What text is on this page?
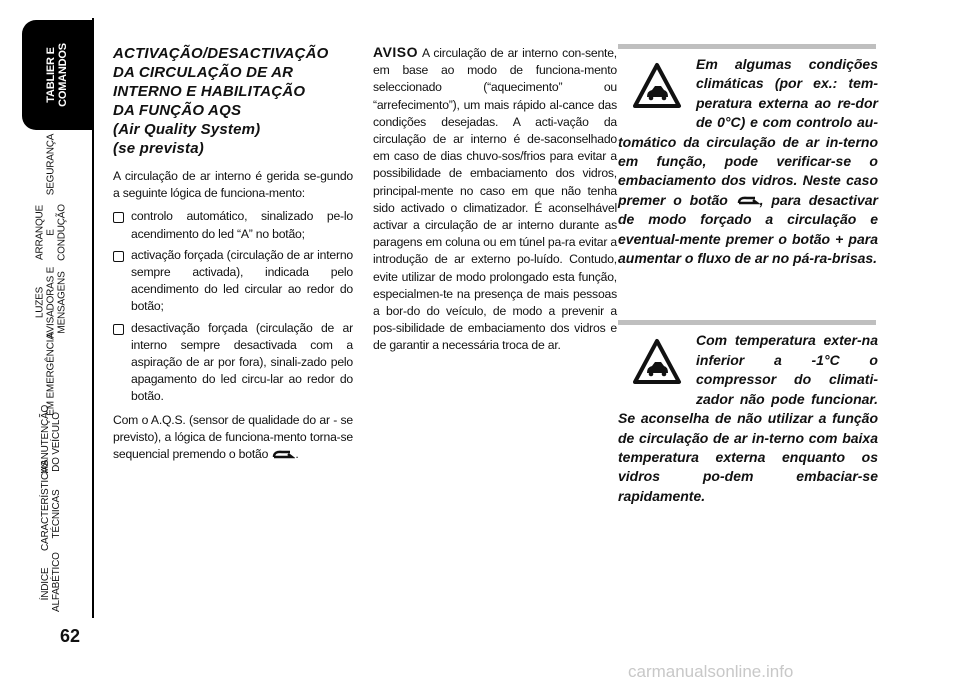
TABLIER E COMANDOS
SEGURANÇA
ARRANQUE E CONDUÇÃO
LUZES AVISADORAS E MENSAGENS
EM EMERGÊNCIA
MANUTENÇÃO DO VEÍCULO
CARACTERÍSTICAS TÉCNICAS
ÍNDICE ALFABÉTICO
62
ACTIVAÇÃO/DESACTIVAÇÃO
DA CIRCULAÇÃO DE AR
INTERNO E HABILITAÇÃO
DA FUNÇÃO AQS
(Air Quality System)
(se prevista)

A circulação de ar interno é gerida se-gundo a seguinte lógica de funciona-mento:

controlo automático, sinalizado pe-lo acendimento do led “A” no botão;
activação forçada (circulação de ar interno sempre activada), indicada pelo acendimento do led circular ao redor do botão;
desactivação forçada (circulação de ar interno sempre desactivada com a aspiração de ar por fora), sinali-zado pelo apagamento do led circu-lar ao redor do botão.

Com o A.Q.S. (sensor de qualidade do ar - se previsto), a lógica de funciona-mento torna-se sequencial premendo o botão .

AVISO A circulação de ar interno con-sente, em base ao modo de funciona-mento seleccionado (“aquecimento” ou “arrefecimento”), um mais rápido al-cance das condições desejadas. A acti-vação da circulação de ar interno é de-saconselhado em caso de dias chuvo-sos/frios para evitar a possibilidade de embaciamento dos vidros, principal-mente no caso em que não tenha sido activado o climatizador. É aconselhável activar a circulação de ar interno durante as paragens em coluna ou em túnel pa-ra evitar a introdução de ar externo po-luído. Contudo, evite utilizar de modo prolongado esta função, especialmen-te na presença de mais pessoas a bor-do do veículo, de modo a prevenir a pos-sibilidade de embaciamento dos vidros e de garantir a necessária troca de ar.

Em algumas condições climáticas (por ex.: tem-peratura externa ao re-dor de 0°C) e com controlo au-tomático da circulação de ar in-terno em função, pode verificar-se o embaciamento dos vidros. Neste caso premer o botão , para desactivar de modo forçado a circulação e eventual-mente premer o botão + para aumentar o fluxo de ar no pá-ra-brisas.

Com temperatura exter-na inferior a -1°C o compressor do climati-zador não pode funcionar. Se aconselha de não utilizar a função de circulação de ar in-terno com baixa temperatura externa enquanto os vidros po-dem embaciar-se rapidamente.

carmanualsonline.info
